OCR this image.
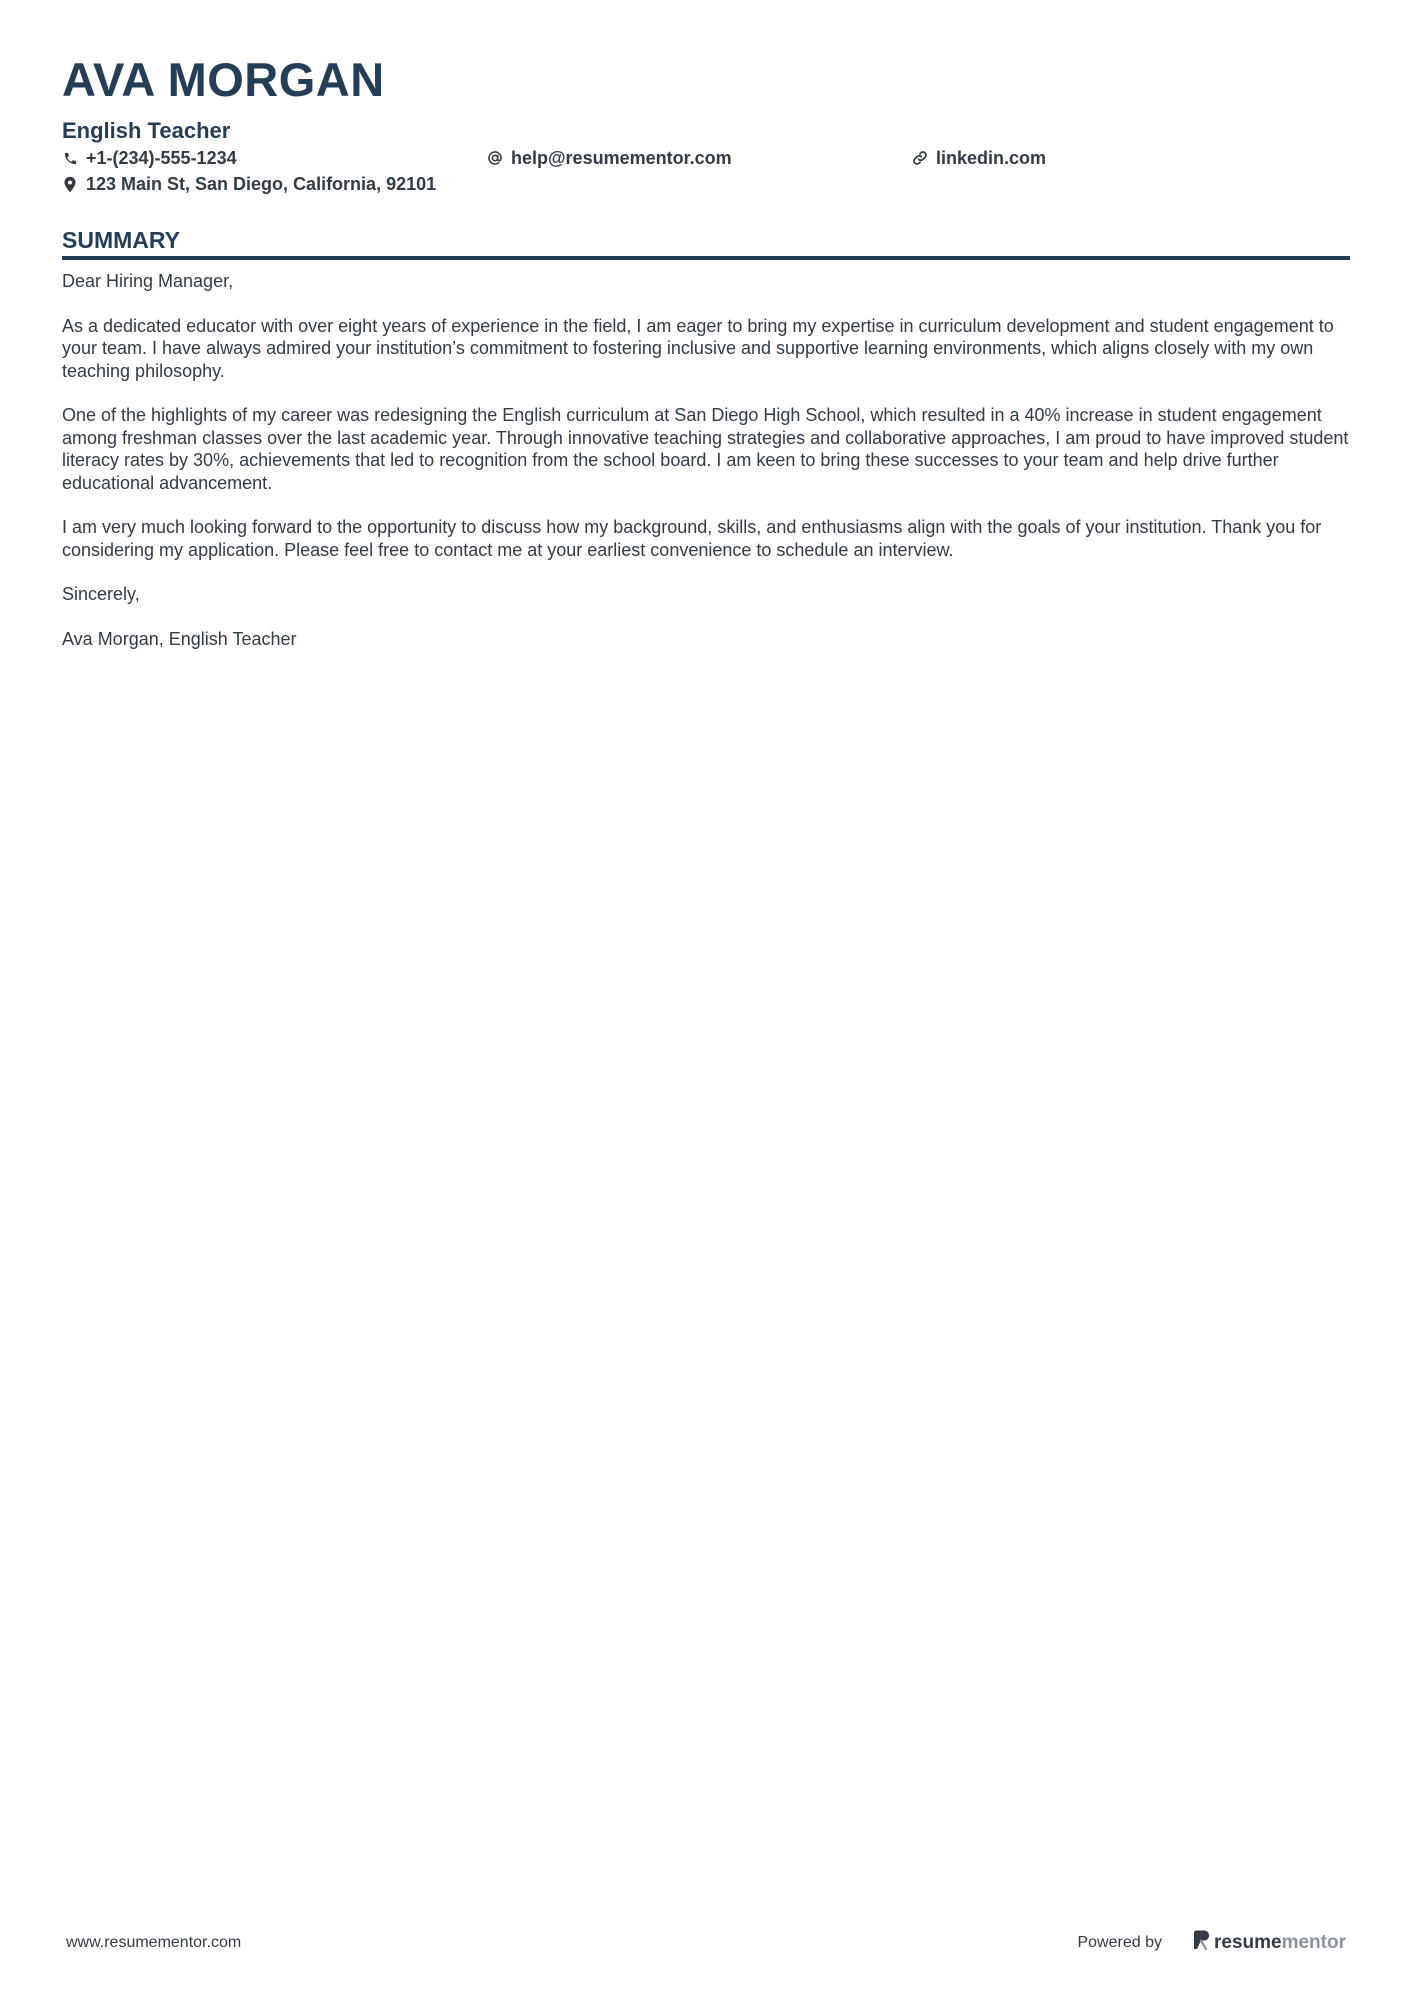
AVA MORGAN
English Teacher
+1-(234)-555-1234	help@resumementor.com	linkedin.com
123 Main St, San Diego, California, 92101
SUMMARY

Dear Hiring Manager,

As a dedicated educator with over eight years of experience in the field, I am eager to bring my expertise in curriculum development and student engagement to your team. I have always admired your institution’s commitment to fostering inclusive and supportive learning environments, which aligns closely with my own teaching philosophy.

One of the highlights of my career was redesigning the English curriculum at San Diego High School, which resulted in a 40% increase in student engagement among freshman classes over the last academic year. Through innovative teaching strategies and collaborative approaches, I am proud to have improved student literacy rates by 30%, achievements that led to recognition from the school board. I am keen to bring these successes to your team and help drive further educational advancement.

I am very much looking forward to the opportunity to discuss how my background, skills, and enthusiasms align with the goals of your institution. Thank you for considering my application. Please feel free to contact me at your earliest convenience to schedule an interview.

Sincerely,

Ava Morgan, English Teacher

www.resumementor.com	Powered by	resume mentor
